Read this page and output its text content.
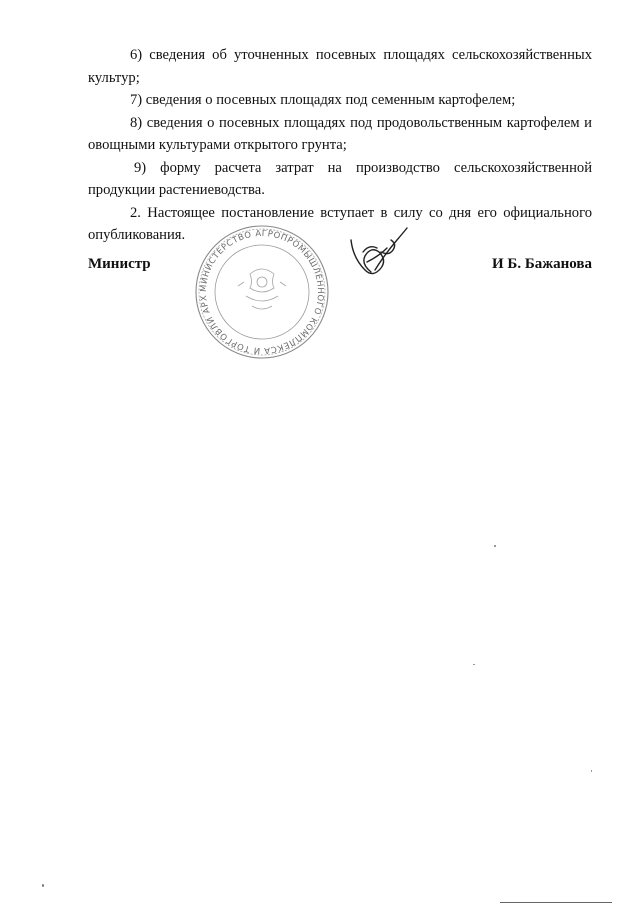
6) сведения об уточненных посевных площадях сельскохозяйственных культур;

7) сведения о посевных площадях под семенным картофелем;

8) сведения о посевных площадях под продовольственным картофелем и овощными культурами открытого грунта;

9) форму расчета затрат на производство сельскохозяйственной продукции растениеводства.

2. Настоящее постановление вступает в силу со дня его официального опубликования.

МИНИСТЕРСТВО АГРОПРОМЫШЛЕННОГО КОМПЛЕКСА И ТОРГОВЛИ АРХ
Министр	И Б. Бажанова
